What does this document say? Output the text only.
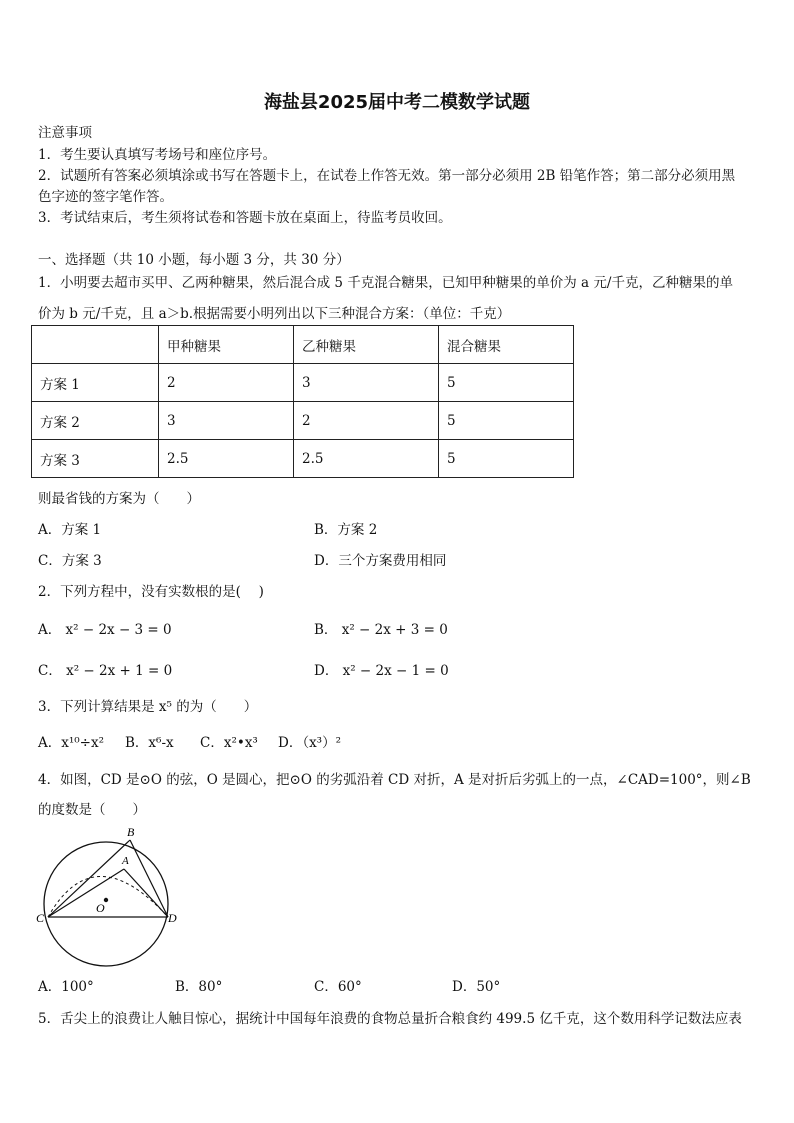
海盐县2025届中考二模数学试题
注意事项
1．考生要认真填写考场号和座位序号。
2．试题所有答案必须填涂或书写在答题卡上，在试卷上作答无效。第一部分必须用 2B 铅笔作答；第二部分必须用黑
色字迹的签字笔作答。
3．考试结束后，考生须将试卷和答题卡放在桌面上，待监考员收回。
一、选择题（共 10 小题，每小题 3 分，共 30 分）
1．小明要去超市买甲、乙两种糖果，然后混合成 5 千克混合糖果，已知甲种糖果的单价为 a 元/千克，乙种糖果的单
价为 b 元/千克，且 a＞b.根据需要小明列出以下三种混合方案：（单位：千克）
	甲种糖果	乙种糖果	混合糖果
方案 1	2	3	5
方案 2	3	2	5
方案 3	2.5	2.5	5
则最省钱的方案为（　　）
A．方案 1	B．方案 2
C．方案 3	D．三个方案费用相同
2．下列方程中，没有实数根的是(　 )
A． x² − 2x − 3 = 0	B． x² − 2x + 3 = 0
C． x² − 2x + 1 = 0	D． x² − 2x − 1 = 0
3．下列计算结果是 x⁵ 的为（　　）
A．x¹⁰÷x² B．x⁶-x C．x²•x³ D．（x³）²
4．如图，CD 是⊙O 的弦，O 是圆心，把⊙O 的劣弧沿着 CD 对折，A 是对折后劣弧上的一点，∠CAD=100°，则∠B
的度数是（　　）
B
A
O
C	D
A．100°	B．80°	C．60°	D．50°
5．舌尖上的浪费让人触目惊心，据统计中国每年浪费的食物总量折合粮食约 499.5 亿千克，这个数用科学记数法应表
